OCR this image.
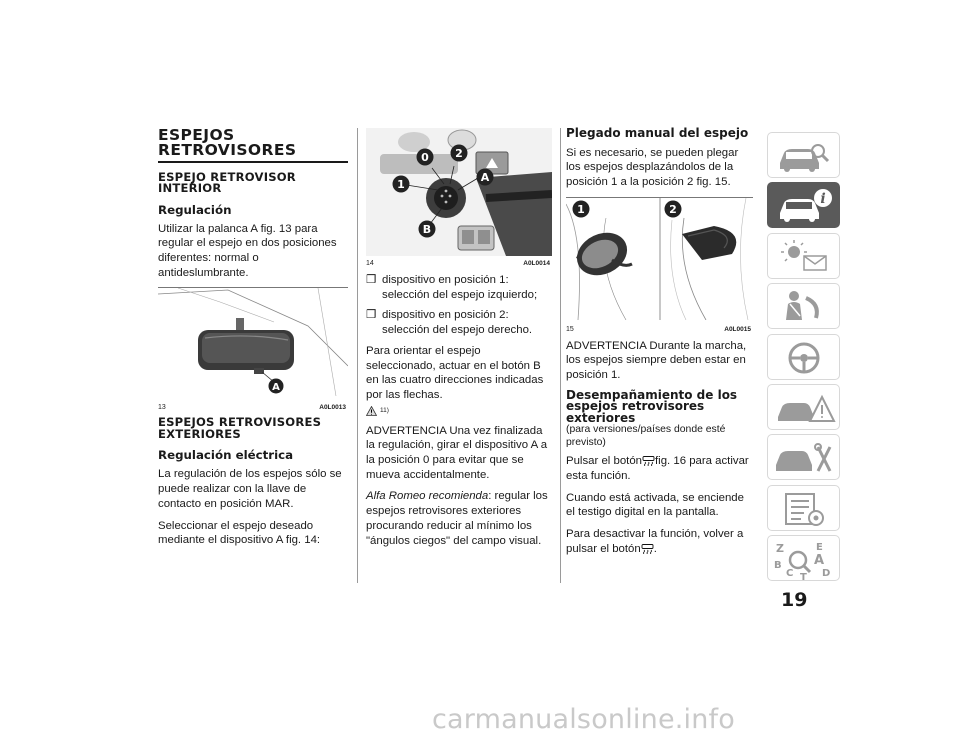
ESPEJOS RETROVISORES
ESPEJO RETROVISOR INTERIOR
Regulación

Utilizar la palanca A fig. 13 para regular el espejo en dos posiciones diferentes: normal o antideslumbrante.

A
13	A0L0013
ESPEJOS RETROVISORES EXTERIORES
Regulación eléctrica

La regulación de los espejos sólo se puede realizar con la llave de contacto en posición MAR.

Seleccionar el espejo deseado mediante el dispositivo A fig. 14:

0 2
1
A
B
14	A0L0014
❒ dispositivo en posición 1: selección del espejo izquierdo;
❒ dispositivo en posición 2: selección del espejo derecho.

Para orientar el espejo seleccionado, actuar en el botón B en las cuatro direcciones indicadas por las flechas.

11)

ADVERTENCIA Una vez finalizada la regulación, girar el dispositivo A a la posición 0 para evitar que se mueva accidentalmente.

Alfa Romeo recomienda: regular los espejos retrovisores exteriores procurando reducir al mínimo los "ángulos ciegos" del campo visual.

Plegado manual del espejo

Si es necesario, se pueden plegar los espejos desplazándolos de la posición 1 a la posición 2 fig. 15.

1	2
15	A0L0015

ADVERTENCIA Durante la marcha, los espejos siempre deben estar en posición 1.

Desempañamiento de los espejos retrovisores exteriores

(para versiones/países donde esté previsto)

Pulsar el botón fig. 16 para activar esta función.

Cuando está activada, se enciende el testigo digital en la pantalla.

Para desactivar la función, volver a pulsar el botón .

i
Z	E
A
B
C T D
19
carmanualsonline.info
